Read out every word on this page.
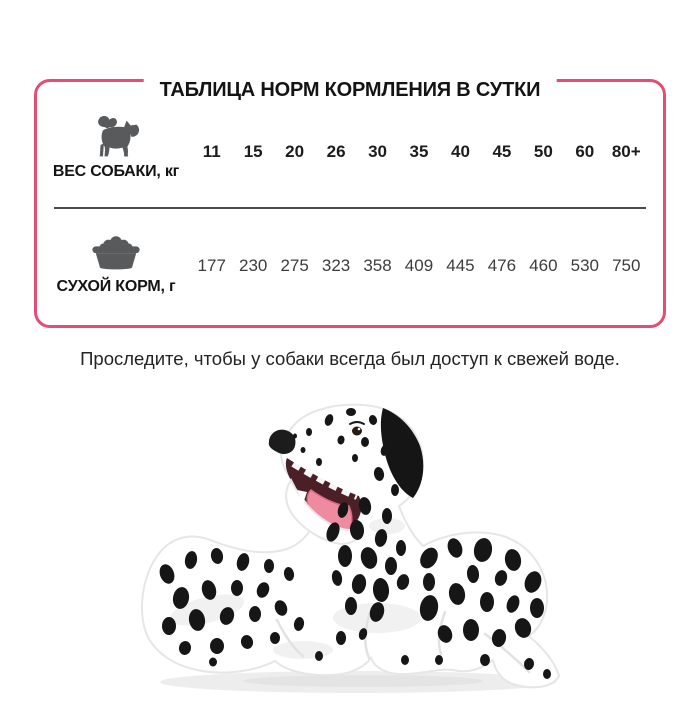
ТАБЛИЦА НОРМ КОРМЛЕНИЯ В СУТКИ
ВЕС СОБАКИ, кг
11	15	20	26	30	35	40	45	50	60	80+
СУХОЙ КОРМ, г
177 230 275 323 358 409 445 476 460 530 750
Проследите, чтобы у собаки всегда был доступ к свежей воде.
